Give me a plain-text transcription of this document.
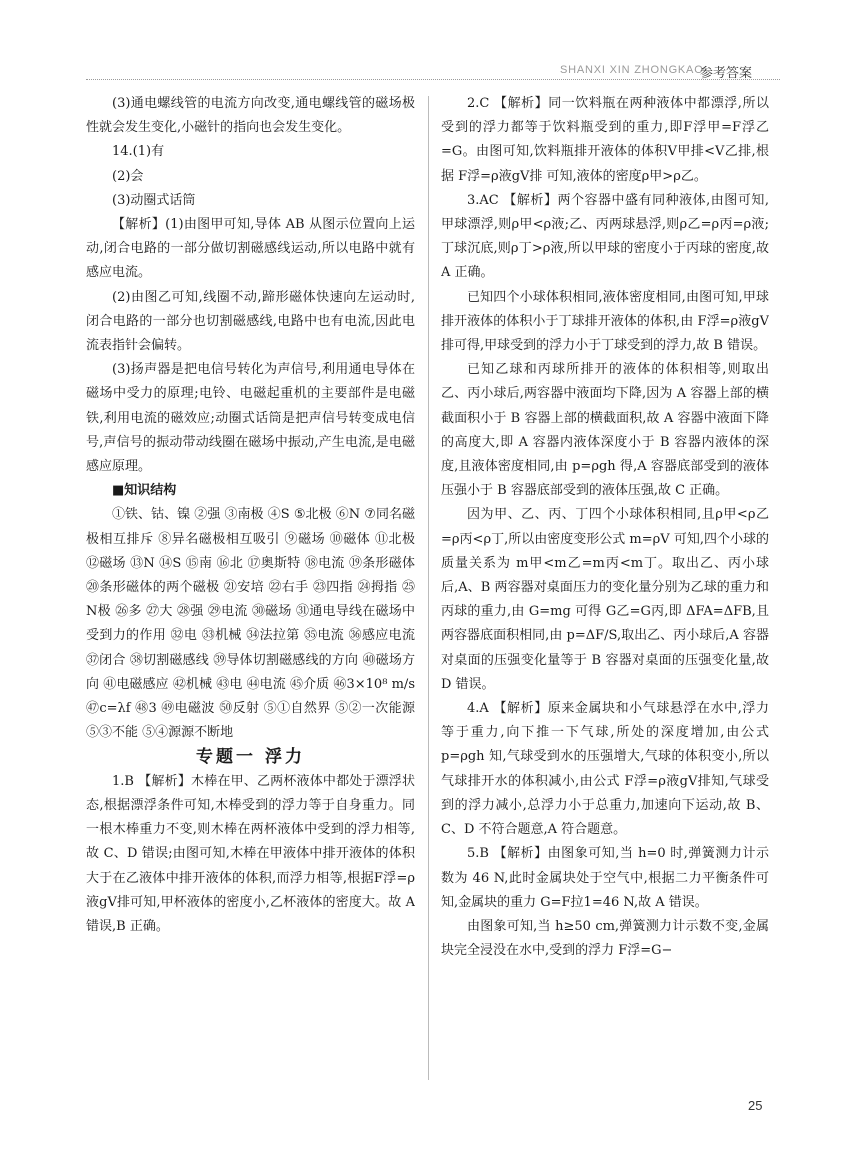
SHANXI XIN ZHONGKAO
参考答案

(3)通电螺线管的电流方向改变,通电螺线管的磁场极性就会发生变化,小磁针的指向也会发生变化。

14.(1)有

(2)会

(3)动圈式话筒

【解析】(1)由图甲可知,导体 AB 从图示位置向上运动,闭合电路的一部分做切割磁感线运动,所以电路中就有感应电流。

(2)由图乙可知,线圈不动,蹄形磁体快速向左运动时,闭合电路的一部分也切割磁感线,电路中也有电流,因此电流表指针会偏转。

(3)扬声器是把电信号转化为声信号,利用通电导体在磁场中受力的原理;电铃、电磁起重机的主要部件是电磁铁,利用电流的磁效应;动圈式话筒是把声信号转变成电信号,声信号的振动带动线圈在磁场中振动,产生电流,是电磁感应原理。

■知识结构

①铁、钴、镍 ②强 ③南极 ④S ⑤北极 ⑥N ⑦同名磁极相互排斥 ⑧异名磁极相互吸引 ⑨磁场 ⑩磁体 ⑪北极 ⑫磁场 ⑬N ⑭S ⑮南 ⑯北 ⑰奥斯特 ⑱电流 ⑲条形磁体 ⑳条形磁体的两个磁极 ㉑安培 ㉒右手 ㉓四指 ㉔拇指 ㉕N极 ㉖多 ㉗大 ㉘强 ㉙电流 ㉚磁场 ㉛通电导线在磁场中受到力的作用 ㉜电 ㉝机械 ㉞法拉第 ㉟电流 ㊱感应电流 ㊲闭合 ㊳切割磁感线 ㊴导体切割磁感线的方向 ㊵磁场方向 ㊶电磁感应 ㊷机械 ㊸电 ㊹电流 ㊺介质 ㊻3×10⁸ m/s ㊼c=λf ㊽3 ㊾电磁波 ㊿反射 ⑤①自然界 ⑤②一次能源 ⑤③不能 ⑤④源源不断地

专题一 浮力

1.B 【解析】木棒在甲、乙两杯液体中都处于漂浮状态,根据漂浮条件可知,木棒受到的浮力等于自身重力。同一根木棒重力不变,则木棒在两杯液体中受到的浮力相等,故 C、D 错误;由图可知,木棒在甲液体中排开液体的体积大于在乙液体中排开液体的体积,而浮力相等,根据F浮=ρ液gV排可知,甲杯液体的密度小,乙杯液体的密度大。故 A 错误,B 正确。

2.C 【解析】同一饮料瓶在两种液体中都漂浮,所以受到的浮力都等于饮料瓶受到的重力,即F浮甲=F浮乙=G。由图可知,饮料瓶排开液体的体积V甲排<V乙排,根据 F浮=ρ液gV排 可知,液体的密度ρ甲>ρ乙。

3.AC 【解析】两个容器中盛有同种液体,由图可知,甲球漂浮,则ρ甲<ρ液;乙、丙两球悬浮,则ρ乙=ρ丙=ρ液;丁球沉底,则ρ丁>ρ液,所以甲球的密度小于丙球的密度,故 A 正确。

已知四个小球体积相同,液体密度相同,由图可知,甲球排开液体的体积小于丁球排开液体的体积,由 F浮=ρ液gV排可得,甲球受到的浮力小于丁球受到的浮力,故 B 错误。

已知乙球和丙球所排开的液体的体积相等,则取出乙、丙小球后,两容器中液面均下降,因为 A 容器上部的横截面积小于 B 容器上部的横截面积,故 A 容器中液面下降的高度大,即 A 容器内液体深度小于 B 容器内液体的深度,且液体密度相同,由 p=ρgh 得,A 容器底部受到的液体压强小于 B 容器底部受到的液体压强,故 C 正确。

因为甲、乙、丙、丁四个小球体积相同,且ρ甲<ρ乙=ρ丙<ρ丁,所以由密度变形公式 m=ρV 可知,四个小球的质量关系为 m甲<m乙=m丙<m丁。取出乙、丙小球后,A、B 两容器对桌面压力的变化量分别为乙球的重力和丙球的重力,由 G=mg 可得 G乙=G丙,即 ΔFA=ΔFB,且两容器底面积相同,由 p=ΔF/S,取出乙、丙小球后,A 容器对桌面的压强变化量等于 B 容器对桌面的压强变化量,故 D 错误。

4.A 【解析】原来金属块和小气球悬浮在水中,浮力等于重力,向下推一下气球,所处的深度增加,由公式 p=ρgh 知,气球受到水的压强增大,气球的体积变小,所以气球排开水的体积减小,由公式 F浮=ρ液gV排知,气球受到的浮力减小,总浮力小于总重力,加速向下运动,故 B、C、D 不符合题意,A 符合题意。

5.B 【解析】由图象可知,当 h=0 时,弹簧测力计示数为 46 N,此时金属块处于空气中,根据二力平衡条件可知,金属块的重力 G=F拉1=46 N,故 A 错误。

由图象可知,当 h≥50 cm,弹簧测力计示数不变,金属块完全浸没在水中,受到的浮力 F浮=G−

25
